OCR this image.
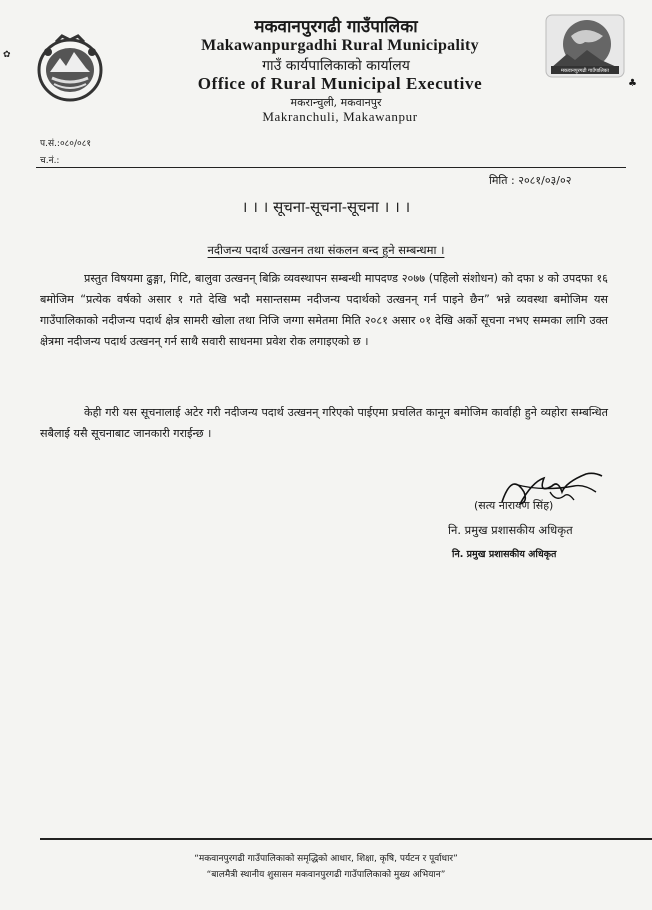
✿
मकवानपुरगढी गाउँपालिका
मकवानपुरगढी गाउँपालिका
Makawanpurgadhi Rural Municipality
गाउँ कार्यपालिकाको कार्यालय
Office of Rural Municipal Executive
मकरान्चुली, मकवानपुर
Makranchuli, Makawanpur
♣
प.सं.:०८०/०८१
च.नं.:
मिति : २०८१/०३/०२
। । । सूचना-सूचना-सूचना । । ।
नदीजन्य पदार्थ उत्खनन तथा संकलन बन्द हुने सम्बन्धमा ।
प्रस्तुत विषयमा ढुङ्गा, गिटि, बालुवा उत्खनन् बिक्रि व्यवस्थापन सम्बन्धी मापदण्ड २०७७ (पहिलो संशोधन) को दफा ४ को उपदफा १६ बमोजिम “प्रत्येक वर्षको असार १ गते देखि भदौ मसान्तसम्म नदीजन्य पदार्थको उत्खनन् गर्न पाइने छैन” भन्ने व्यवस्था बमोजिम यस गाउँपालिकाको नदीजन्य पदार्थ क्षेत्र सामरी खोला तथा निजि जग्गा समेतमा मिति २०८१ असार ०१ देखि अर्को सूचना नभए सम्मका लागि उक्त क्षेत्रमा नदीजन्य पदार्थ उत्खनन् गर्न साथै सवारी साधनमा प्रवेश रोक लगाइएको छ ।
केही गरी यस सूचनालाई अटेर गरी नदीजन्य पदार्थ उत्खनन् गरिएको पाईएमा प्रचलित कानून बमोजिम कार्वाही हुने व्यहोरा सम्बन्धित सबैलाई यसै सूचनाबाट जानकारी गराईन्छ ।
(सत्य नारायण सिंह)
नि. प्रमुख प्रशासकीय अधिकृत
नि. प्रमुख प्रशासकीय अधिकृत
“मकवानपुरगढी गाउँपालिकाको समृद्धिको आधार, शिक्षा, कृषि, पर्यटन र पूर्वाधार”
“बालमैत्री स्थानीय शुसासन मकवानपुरगढी गाउँपालिकाको मुख्य अभियान”
